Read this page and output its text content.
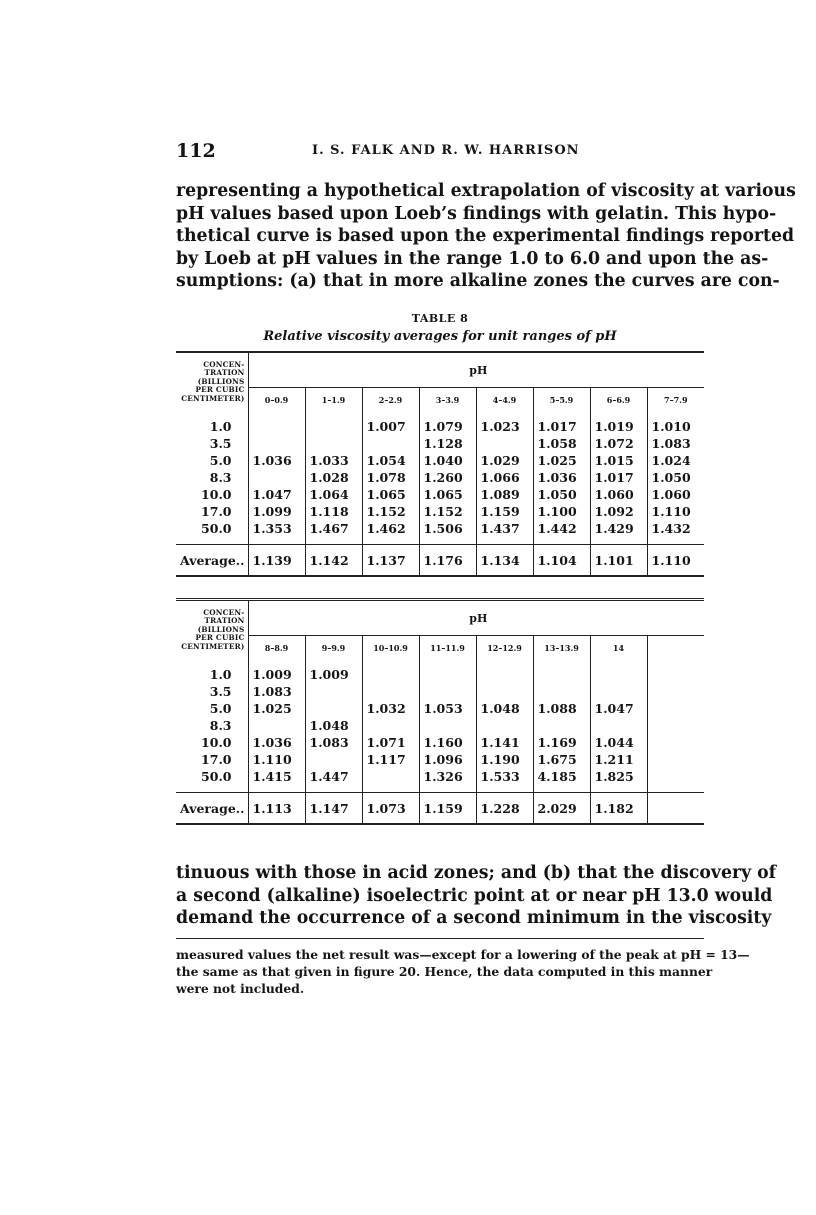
112	I. S. FALK AND R. W. HARRISON
representing a hypothetical extrapolation of viscosity at various
pH values based upon Loeb’s findings with gelatin. This hypo-
thetical curve is based upon the experimental findings reported
by Loeb at pH values in the range 1.0 to 6.0 and upon the as-
sumptions: (a) that in more alkaline zones the curves are con-
TABLE 8
Relative viscosity averages for unit ranges of pH
CONCEN-
TRATION
(BILLIONS
PER CUBIC
CENTIMETER)	pH							
	0–0.9	1–1.9	2–2.9	3–3.9	4–4.9	5–5.9	6–6.9	7–7.9

1.0			1.007	1.079	1.023	1.017	1.019	1.010
3.5				1.128		1.058	1.072	1.083
5.0	1.036	1.033	1.054	1.040	1.029	1.025	1.015	1.024
8.3		1.028	1.078	1.260	1.066	1.036	1.017	1.050
10.0	1.047	1.064	1.065	1.065	1.089	1.050	1.060	1.060
17.0	1.099	1.118	1.152	1.152	1.159	1.100	1.092	1.110
50.0	1.353	1.467	1.462	1.506	1.437	1.442	1.429	1.432

Average..	1.139	1.142	1.137	1.176	1.134	1.104	1.101	1.110
CONCEN-
TRATION
(BILLIONS
PER CUBIC
CENTIMETER)	pH							
	8–8.9	9–9.9	10–10.9	11–11.9	12–12.9	13–13.9	14	

1.0	1.009	1.009						
3.5	1.083							
5.0	1.025		1.032	1.053	1.048	1.088	1.047	
8.3		1.048						
10.0	1.036	1.083	1.071	1.160	1.141	1.169	1.044	
17.0	1.110		1.117	1.096	1.190	1.675	1.211	
50.0	1.415	1.447		1.326	1.533	4.185	1.825	

Average..	1.113	1.147	1.073	1.159	1.228	2.029	1.182	
tinuous with those in acid zones; and (b) that the discovery of
a second (alkaline) isoelectric point at or near pH 13.0 would
demand the occurrence of a second minimum in the viscosity
measured values the net result was—except for a lowering of the peak at pH = 13—
the same as that given in figure 20. Hence, the data computed in this manner
were not included.
